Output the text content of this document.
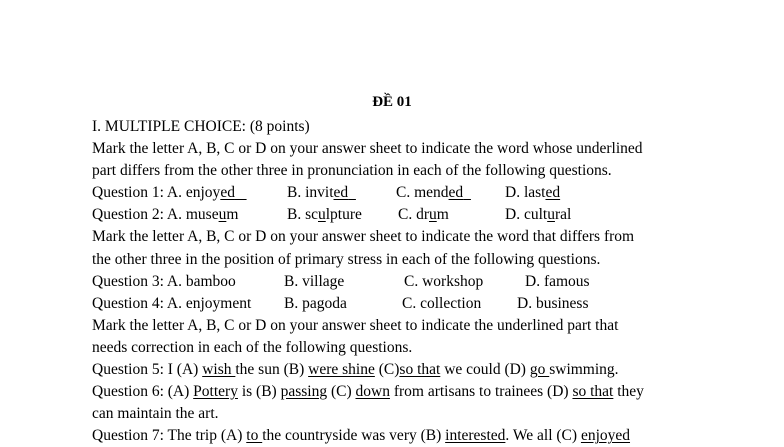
ĐỀ 01
I. MULTIPLE CHOICE: (8 points)
Mark the letter A, B, C or D on your answer sheet to indicate the word whose underlined
part differs from the other three in pronunciation in each of the following questions.
Question 1: A. enjoyed	B. invited	C. mended	D. lasted
Question 2: A. museum	B. sculpture C. drum	D. cultural
Mark the letter A, B, C or D on your answer sheet to indicate the word that differs from
the other three in the position of primary stress in each of the following questions.
Question 3: A. bamboo	B. village	C. workshop	D. famous
Question 4: A. enjoyment B. pagoda	C. collection D. business
Mark the letter A, B, C or D on your answer sheet to indicate the underlined part that
needs correction in each of the following questions.
Question 5: I (A) wish the sun (B) were shine (C)so that we could (D) go swimming.
Question 6: (A) Pottery is (B) passing (C) down from artisans to trainees (D) so that they
can maintain the art.
Question 7: The trip (A) to the countryside was very (B) interested. We all (C) enjoyed
